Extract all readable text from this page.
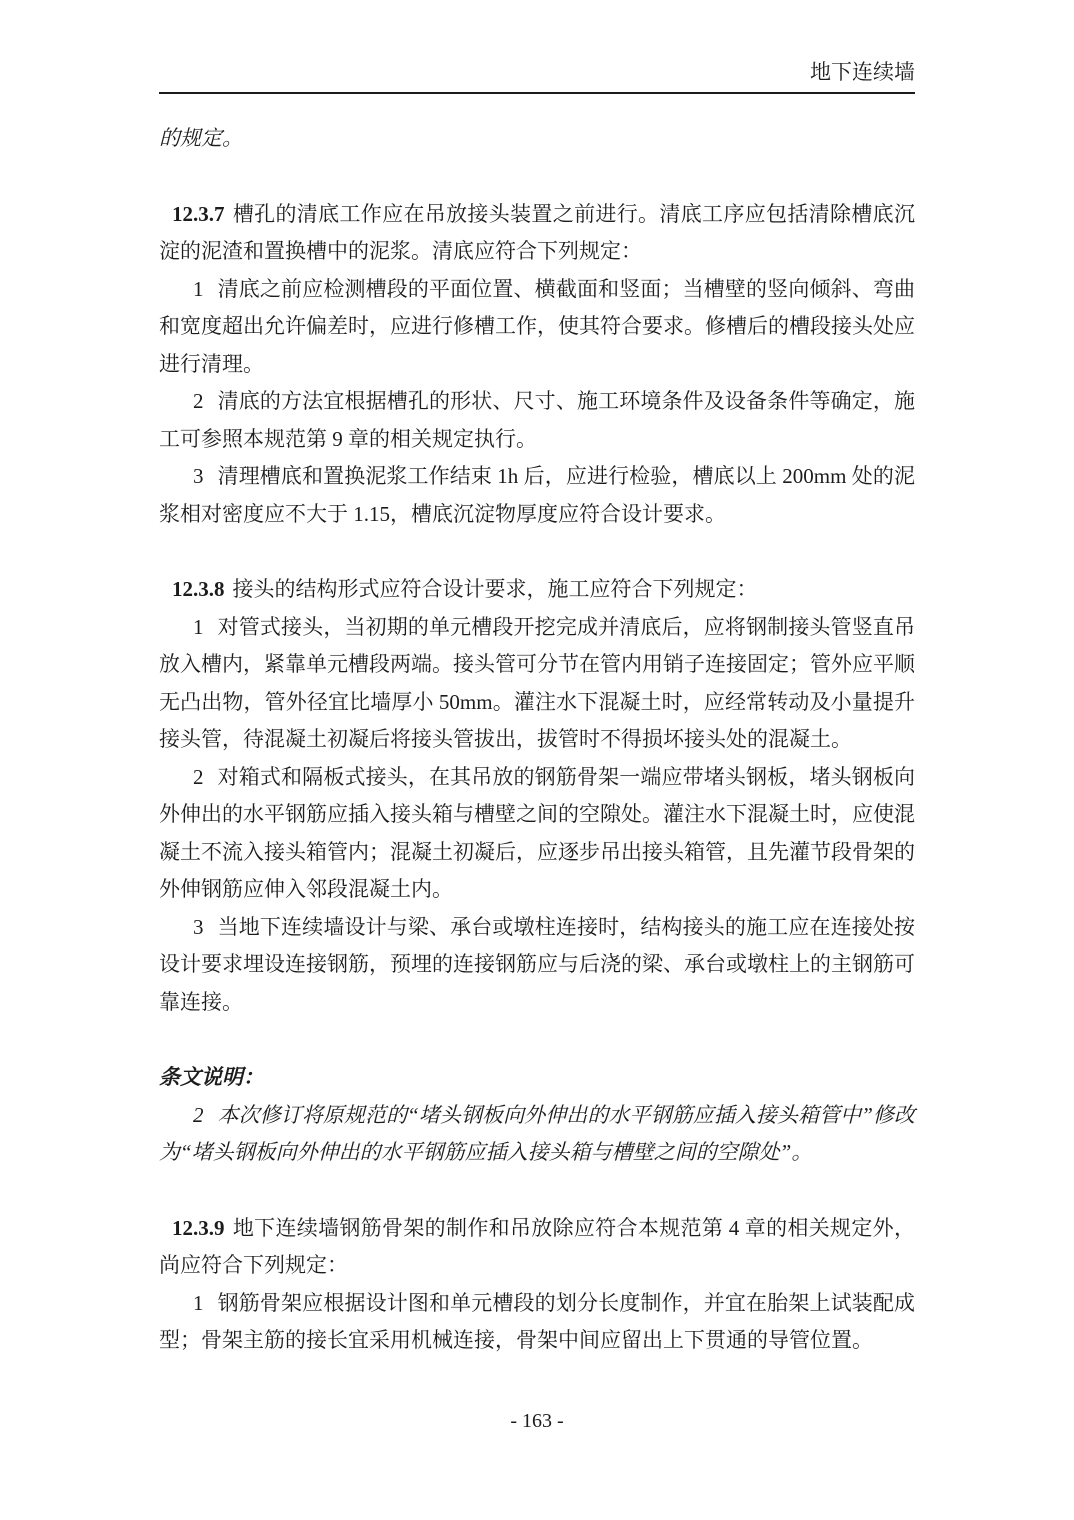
地下连续墙

的规定。

12.3.7 槽孔的清底工作应在吊放接头装置之前进行。清底工序应包括清除槽底沉淀的泥渣和置换槽中的泥浆。清底应符合下列规定：

1 清底之前应检测槽段的平面位置、横截面和竖面；当槽壁的竖向倾斜、弯曲和宽度超出允许偏差时，应进行修槽工作，使其符合要求。修槽后的槽段接头处应进行清理。

2 清底的方法宜根据槽孔的形状、尺寸、施工环境条件及设备条件等确定，施工可参照本规范第 9 章的相关规定执行。

3 清理槽底和置换泥浆工作结束 1h 后，应进行检验，槽底以上 200mm 处的泥浆相对密度应不大于 1.15，槽底沉淀物厚度应符合设计要求。

12.3.8 接头的结构形式应符合设计要求，施工应符合下列规定：

1 对管式接头，当初期的单元槽段开挖完成并清底后，应将钢制接头管竖直吊放入槽内，紧靠单元槽段两端。接头管可分节在管内用销子连接固定；管外应平顺无凸出物，管外径宜比墙厚小 50mm。灌注水下混凝土时，应经常转动及小量提升接头管，待混凝土初凝后将接头管拔出，拔管时不得损坏接头处的混凝土。

2 对箱式和隔板式接头，在其吊放的钢筋骨架一端应带堵头钢板，堵头钢板向外伸出的水平钢筋应插入接头箱与槽壁之间的空隙处。灌注水下混凝土时，应使混凝土不流入接头箱管内；混凝土初凝后，应逐步吊出接头箱管，且先灌节段骨架的外伸钢筋应伸入邻段混凝土内。

3 当地下连续墙设计与梁、承台或墩柱连接时，结构接头的施工应在连接处按设计要求埋设连接钢筋，预埋的连接钢筋应与后浇的梁、承台或墩柱上的主钢筋可靠连接。

条文说明：

2 本次修订将原规范的“堵头钢板向外伸出的水平钢筋应插入接头箱管中”修改为“堵头钢板向外伸出的水平钢筋应插入接头箱与槽壁之间的空隙处”。

12.3.9 地下连续墙钢筋骨架的制作和吊放除应符合本规范第 4 章的相关规定外，尚应符合下列规定：

1 钢筋骨架应根据设计图和单元槽段的划分长度制作，并宜在胎架上试装配成型；骨架主筋的接长宜采用机械连接，骨架中间应留出上下贯通的导管位置。

- 163 -
